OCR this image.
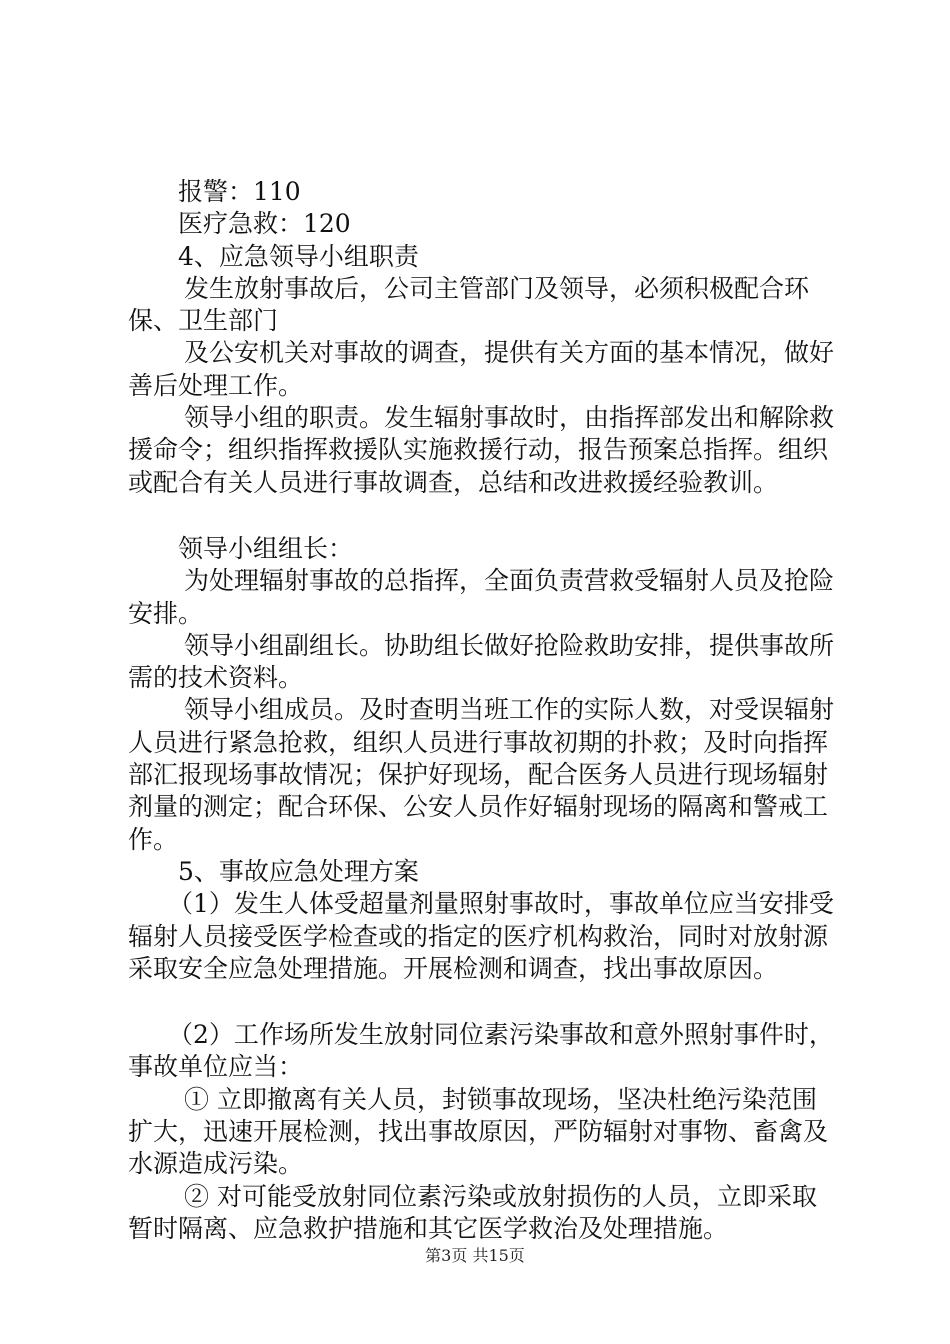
报警：110

医疗急救：120

4、应急领导小组职责

发生放射事故后，公司主管部门及领导，必须积极配合环保、卫生部门

及公安机关对事故的调查，提供有关方面的基本情况，做好善后处理工作。

领导小组的职责。发生辐射事故时，由指挥部发出和解除救援命令；组织指挥救援队实施救援行动，报告预案总指挥。组织或配合有关人员进行事故调查，总结和改进救援经验教训。

领导小组组长：

为处理辐射事故的总指挥，全面负责营救受辐射人员及抢险安排。

领导小组副组长。协助组长做好抢险救助安排，提供事故所需的技术资料。

领导小组成员。及时查明当班工作的实际人数，对受误辐射人员进行紧急抢救，组织人员进行事故初期的扑救；及时向指挥部汇报现场事故情况；保护好现场，配合医务人员进行现场辐射剂量的测定；配合环保、公安人员作好辐射现场的隔离和警戒工作。

5、事故应急处理方案

（1）发生人体受超量剂量照射事故时，事故单位应当安排受辐射人员接受医学检查或的指定的医疗机构救治，同时对放射源采取安全应急处理措施。开展检测和调查，找出事故原因。

（2）工作场所发生放射同位素污染事故和意外照射事件时，事故单位应当：

① 立即撤离有关人员，封锁事故现场，坚决杜绝污染范围扩大，迅速开展检测，找出事故原因，严防辐射对事物、畜禽及水源造成污染。

② 对可能受放射同位素污染或放射损伤的人员，立即采取暂时隔离、应急救护措施和其它医学救治及处理措施。

第3页 共15页
